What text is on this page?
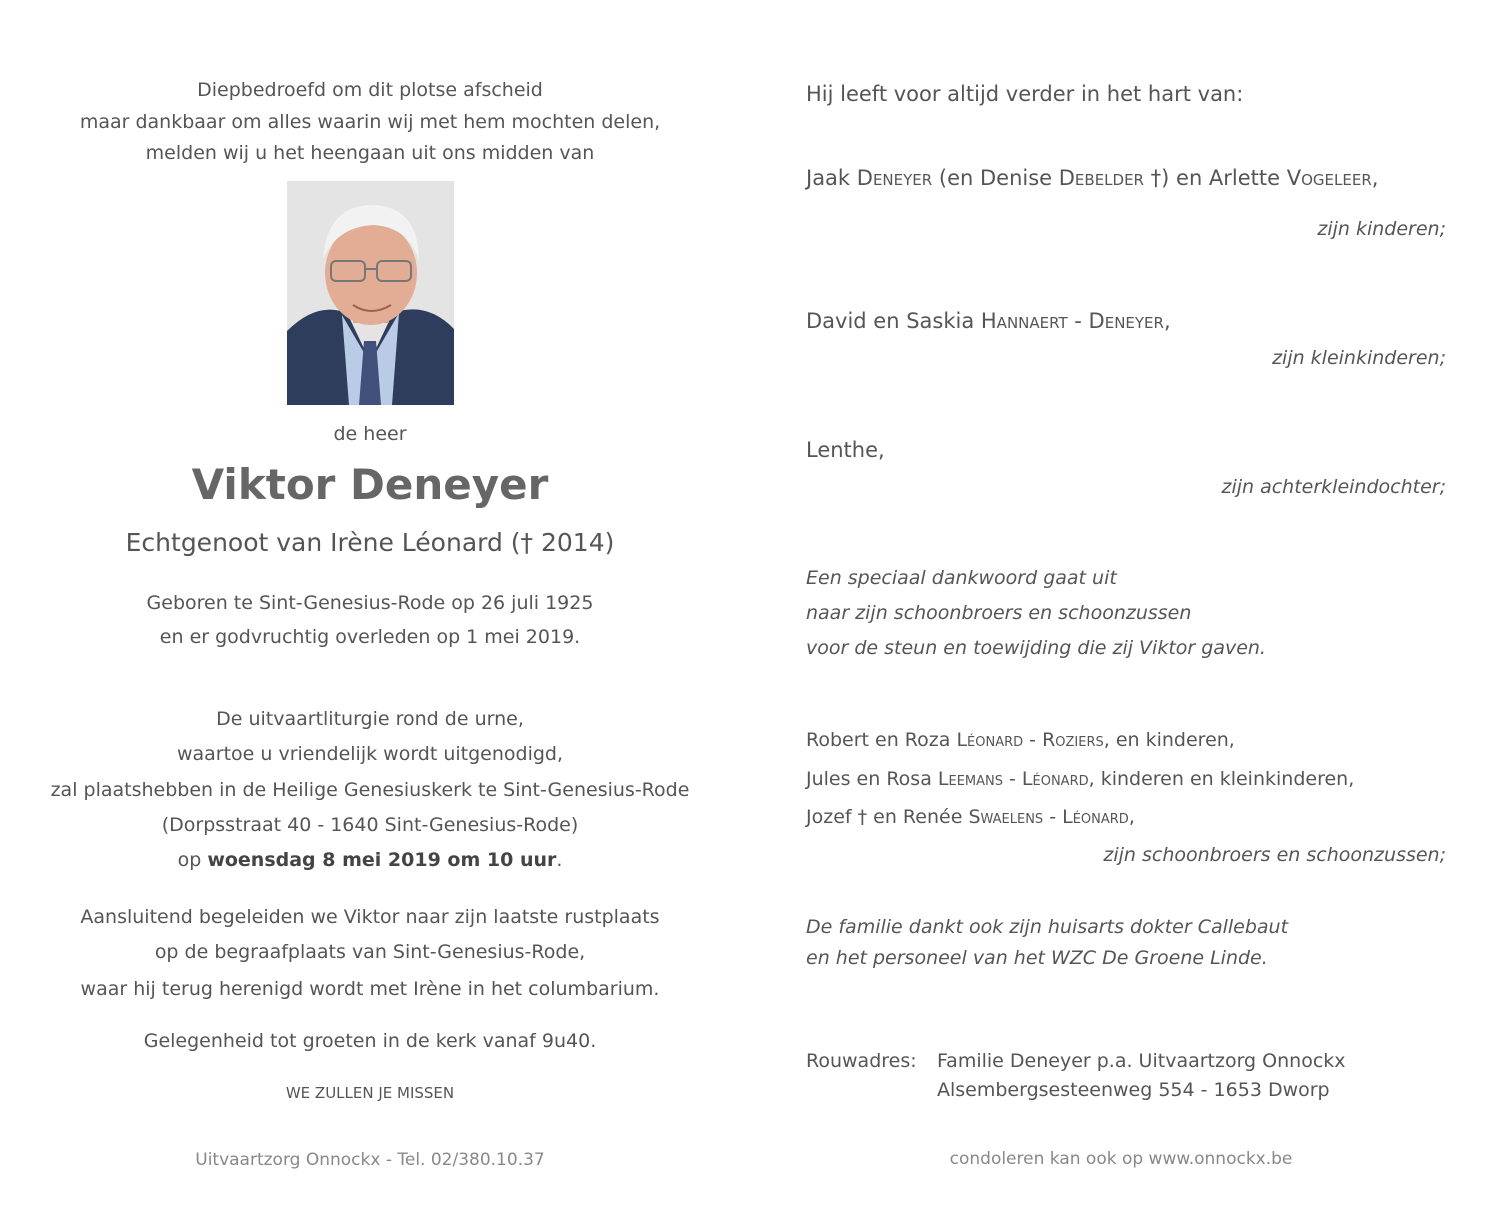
Diepbedroefd om dit plotse afscheid
maar dankbaar om alles waarin wij met hem mochten delen,
melden wij u het heengaan uit ons midden van
de heer
Viktor Deneyer
Echtgenoot van Irène Léonard († 2014)
Geboren te Sint-Genesius-Rode op 26 juli 1925
en er godvruchtig overleden op 1 mei 2019.
De uitvaartliturgie rond de urne,
waartoe u vriendelijk wordt uitgenodigd,
zal plaatshebben in de Heilige Genesiuskerk te Sint-Genesius-Rode
(Dorpsstraat 40 - 1640 Sint-Genesius-Rode)
op woensdag 8 mei 2019 om 10 uur.
Aansluitend begeleiden we Viktor naar zijn laatste rustplaats
op de begraafplaats van Sint-Genesius-Rode,
waar hij terug herenigd wordt met Irène in het columbarium.
Gelegenheid tot groeten in de kerk vanaf 9u40.
WE ZULLEN JE MISSEN
Uitvaartzorg Onnockx - Tel. 02/380.10.37
Hij leeft voor altijd verder in het hart van:
Jaak Deneyer (en Denise Debelder †) en Arlette Vogeleer,
zijn kinderen;
David en Saskia Hannaert - Deneyer,
zijn kleinkinderen;
Lenthe,
zijn achterkleindochter;
Een speciaal dankwoord gaat uit
naar zijn schoonbroers en schoonzussen
voor de steun en toewijding die zij Viktor gaven.
Robert en Roza Léonard - Roziers, en kinderen,
Jules en Rosa Leemans - Léonard, kinderen en kleinkinderen,
Jozef † en Renée Swaelens - Léonard,
zijn schoonbroers en schoonzussen;
De familie dankt ook zijn huisarts dokter Callebaut
en het personeel van het WZC De Groene Linde.
Rouwadres: Familie Deneyer p.a. Uitvaartzorg Onnockx
Alsembergsesteenweg 554 - 1653 Dworp
condoleren kan ook op www.onnockx.be
